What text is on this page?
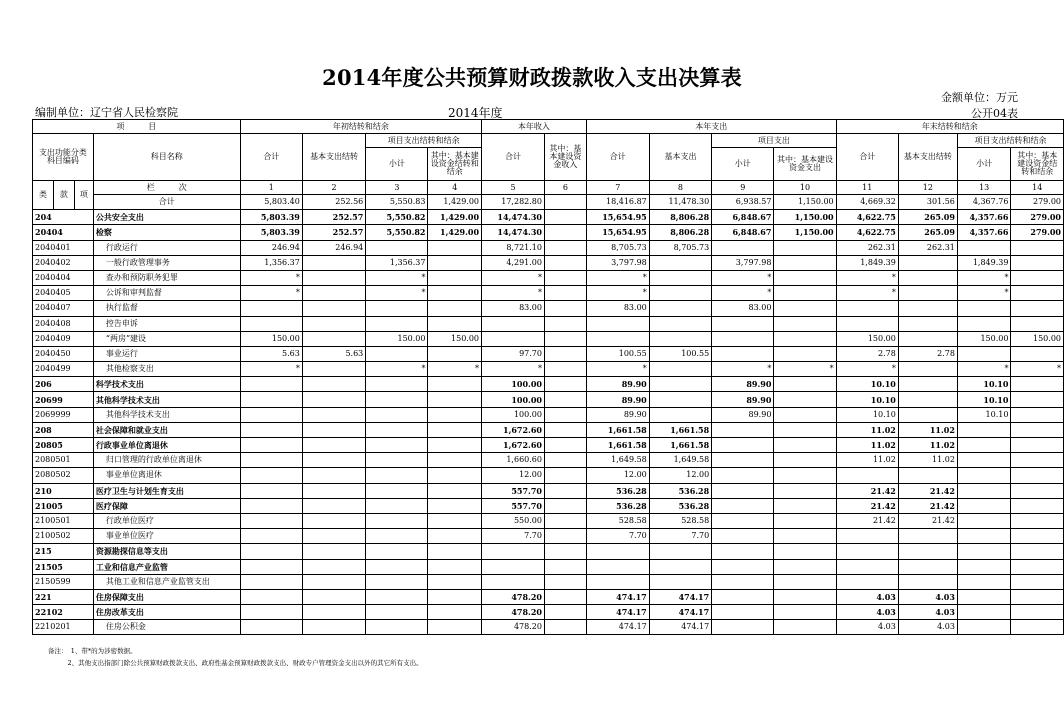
2014年度公共预算财政拨款收入支出决算表
金额单位：万元
编制单位：辽宁省人民检察院	2014年度	公开04表
项　　　目				年初结转和结余				本年收入		本年支出				年末结转和结余			
支出功能分类科目编码			科目名称	合计	基本支出结转	项目支出结转和结余		合计	其中：基本建设资金收入	合计	基本支出	项目支出		合计	基本支出结转	项目支出结转和结余	
						小计	其中：基本建设资金结转和结余					小计	其中：基本建设资金支出			小计	其中：基本建设资金结转和结余
类	款	项	栏　　　次	1	2	3	4	5	6	7	8	9	10	11	12	13	14
			合计	5,803.40	252.56	5,550.83	1,429.00	17,282.80		18,416.87	11,478.30	6,938.57	1,150.00	4,669.32	301.56	4,367.76	279.00
204			公共安全支出	5,803.39	252.57	5,550.82	1,429.00	14,474.30		15,654.95	8,806.28	6,848.67	1,150.00	4,622.75	265.09	4,357.66	279.00
20404			检察	5,803.39	252.57	5,550.82	1,429.00	14,474.30		15,654.95	8,806.28	6,848.67	1,150.00	4,622.75	265.09	4,357.66	279.00
2040401			行政运行	246.94	246.94			8,721.10		8,705.73	8,705.73			262.31	262.31		
2040402			一般行政管理事务	1,356.37		1,356.37		4,291.00		3,797.98		3,797.98		1,849.39		1,849.39	
2040404			查办和预防职务犯罪	*		*		*		*		*		*		*	
2040405			公诉和审判监督	*		*		*		*		*		*		*	
2040407			执行监督					83.00		83.00		83.00					
2040408			控告申诉														
2040409			“两房”建设	150.00		150.00	150.00							150.00		150.00	150.00
2040450			事业运行	5.63	5.63			97.70		100.55	100.55			2.78	2.78		
2040499			其他检察支出	*		*	*	*		*		*	*	*		*	*
206			科学技术支出					100.00		89.90		89.90		10.10		10.10	
20699			其他科学技术支出					100.00		89.90		89.90		10.10		10.10	
2069999			其他科学技术支出					100.00		89.90		89.90		10.10		10.10	
208			社会保障和就业支出					1,672.60		1,661.58	1,661.58			11.02	11.02		
20805			行政事业单位离退休					1,672.60		1,661.58	1,661.58			11.02	11.02		
2080501			归口管理的行政单位离退休					1,660.60		1,649.58	1,649.58			11.02	11.02		
2080502			事业单位离退休					12.00		12.00	12.00						
210			医疗卫生与计划生育支出					557.70		536.28	536.28			21.42	21.42		
21005			医疗保障					557.70		536.28	536.28			21.42	21.42		
2100501			行政单位医疗					550.00		528.58	528.58			21.42	21.42		
2100502			事业单位医疗					7.70		7.70	7.70						
215			资源勘探信息等支出														
21505			工业和信息产业监管														
2150599			其他工业和信息产业监管支出														
221			住房保障支出					478.20		474.17	474.17			4.03	4.03		
22102			住房改革支出					478.20		474.17	474.17			4.03	4.03		
2210201			住房公积金					478.20		474.17	474.17			4.03	4.03		
备注：　1、带*的为涉密数据。
　　　2、其他支出指部门除公共预算财政拨款支出、政府性基金预算财政拨款支出、财政专户管理资金支出以外的其它所有支出。
